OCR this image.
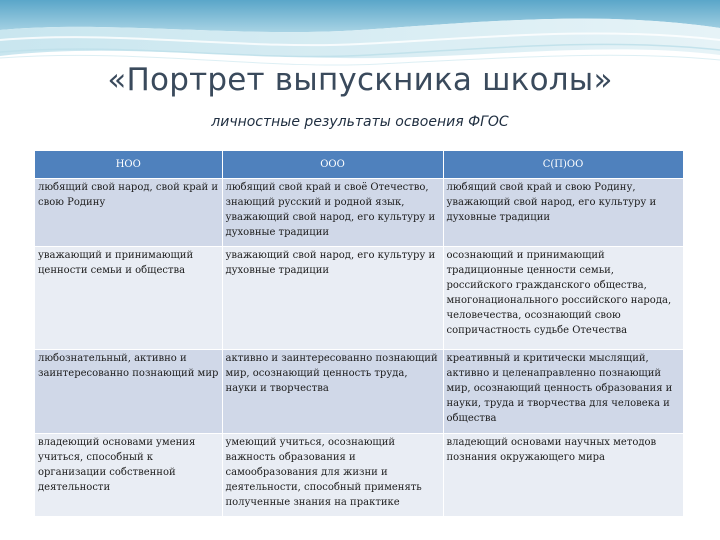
«Портрет выпускника школы»
личностные результаты освоения ФГОС
НОО	ООО	С(П)ОО
любящий свой народ, свой край и свою Родину	любящий свой край и своё Отечество, знающий русский и родной язык, уважающий свой народ, его культуру и духовные традиции	любящий свой край и свою Родину, уважающий свой народ, его культуру и духовные традиции
уважающий и принимающий ценности семьи и общества	уважающий свой народ, его культуру и духовные традиции	осознающий и принимающий традиционные ценности семьи, российского гражданского общества, многонационального российского народа, человечества, осознающий свою сопричастность судьбе Отечества
любознательный, активно и заинтересованно познающий мир	активно и заинтересованно познающий мир, осознающий ценность труда, науки и творчества	креативный и критически мыслящий, активно и целенаправленно познающий мир, осознающий ценность образования и науки, труда и творчества для человека и общества
владеющий основами умения учиться, способный к организации собственной деятельности	умеющий учиться, осознающий важность образования и самообразования для жизни и деятельности, способный применять полученные знания на практике	владеющий основами научных методов познания окружающего мира
